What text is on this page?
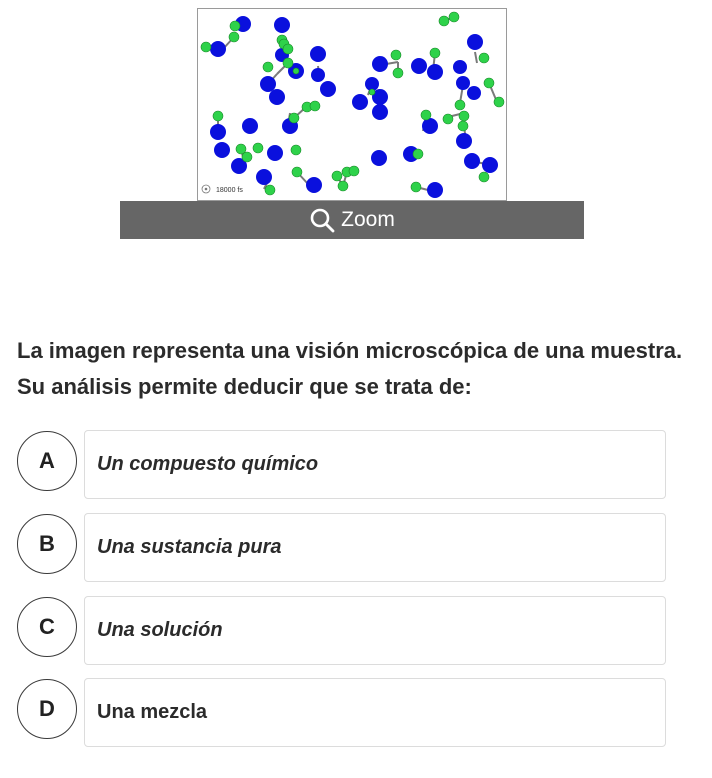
18000 fs
Zoom
La imagen representa una visión microscópica de una muestra. Su análisis permite deducir que se trata de:
A	Un compuesto químico
B	Una sustancia pura
C	Una solución
D	Una mezcla
